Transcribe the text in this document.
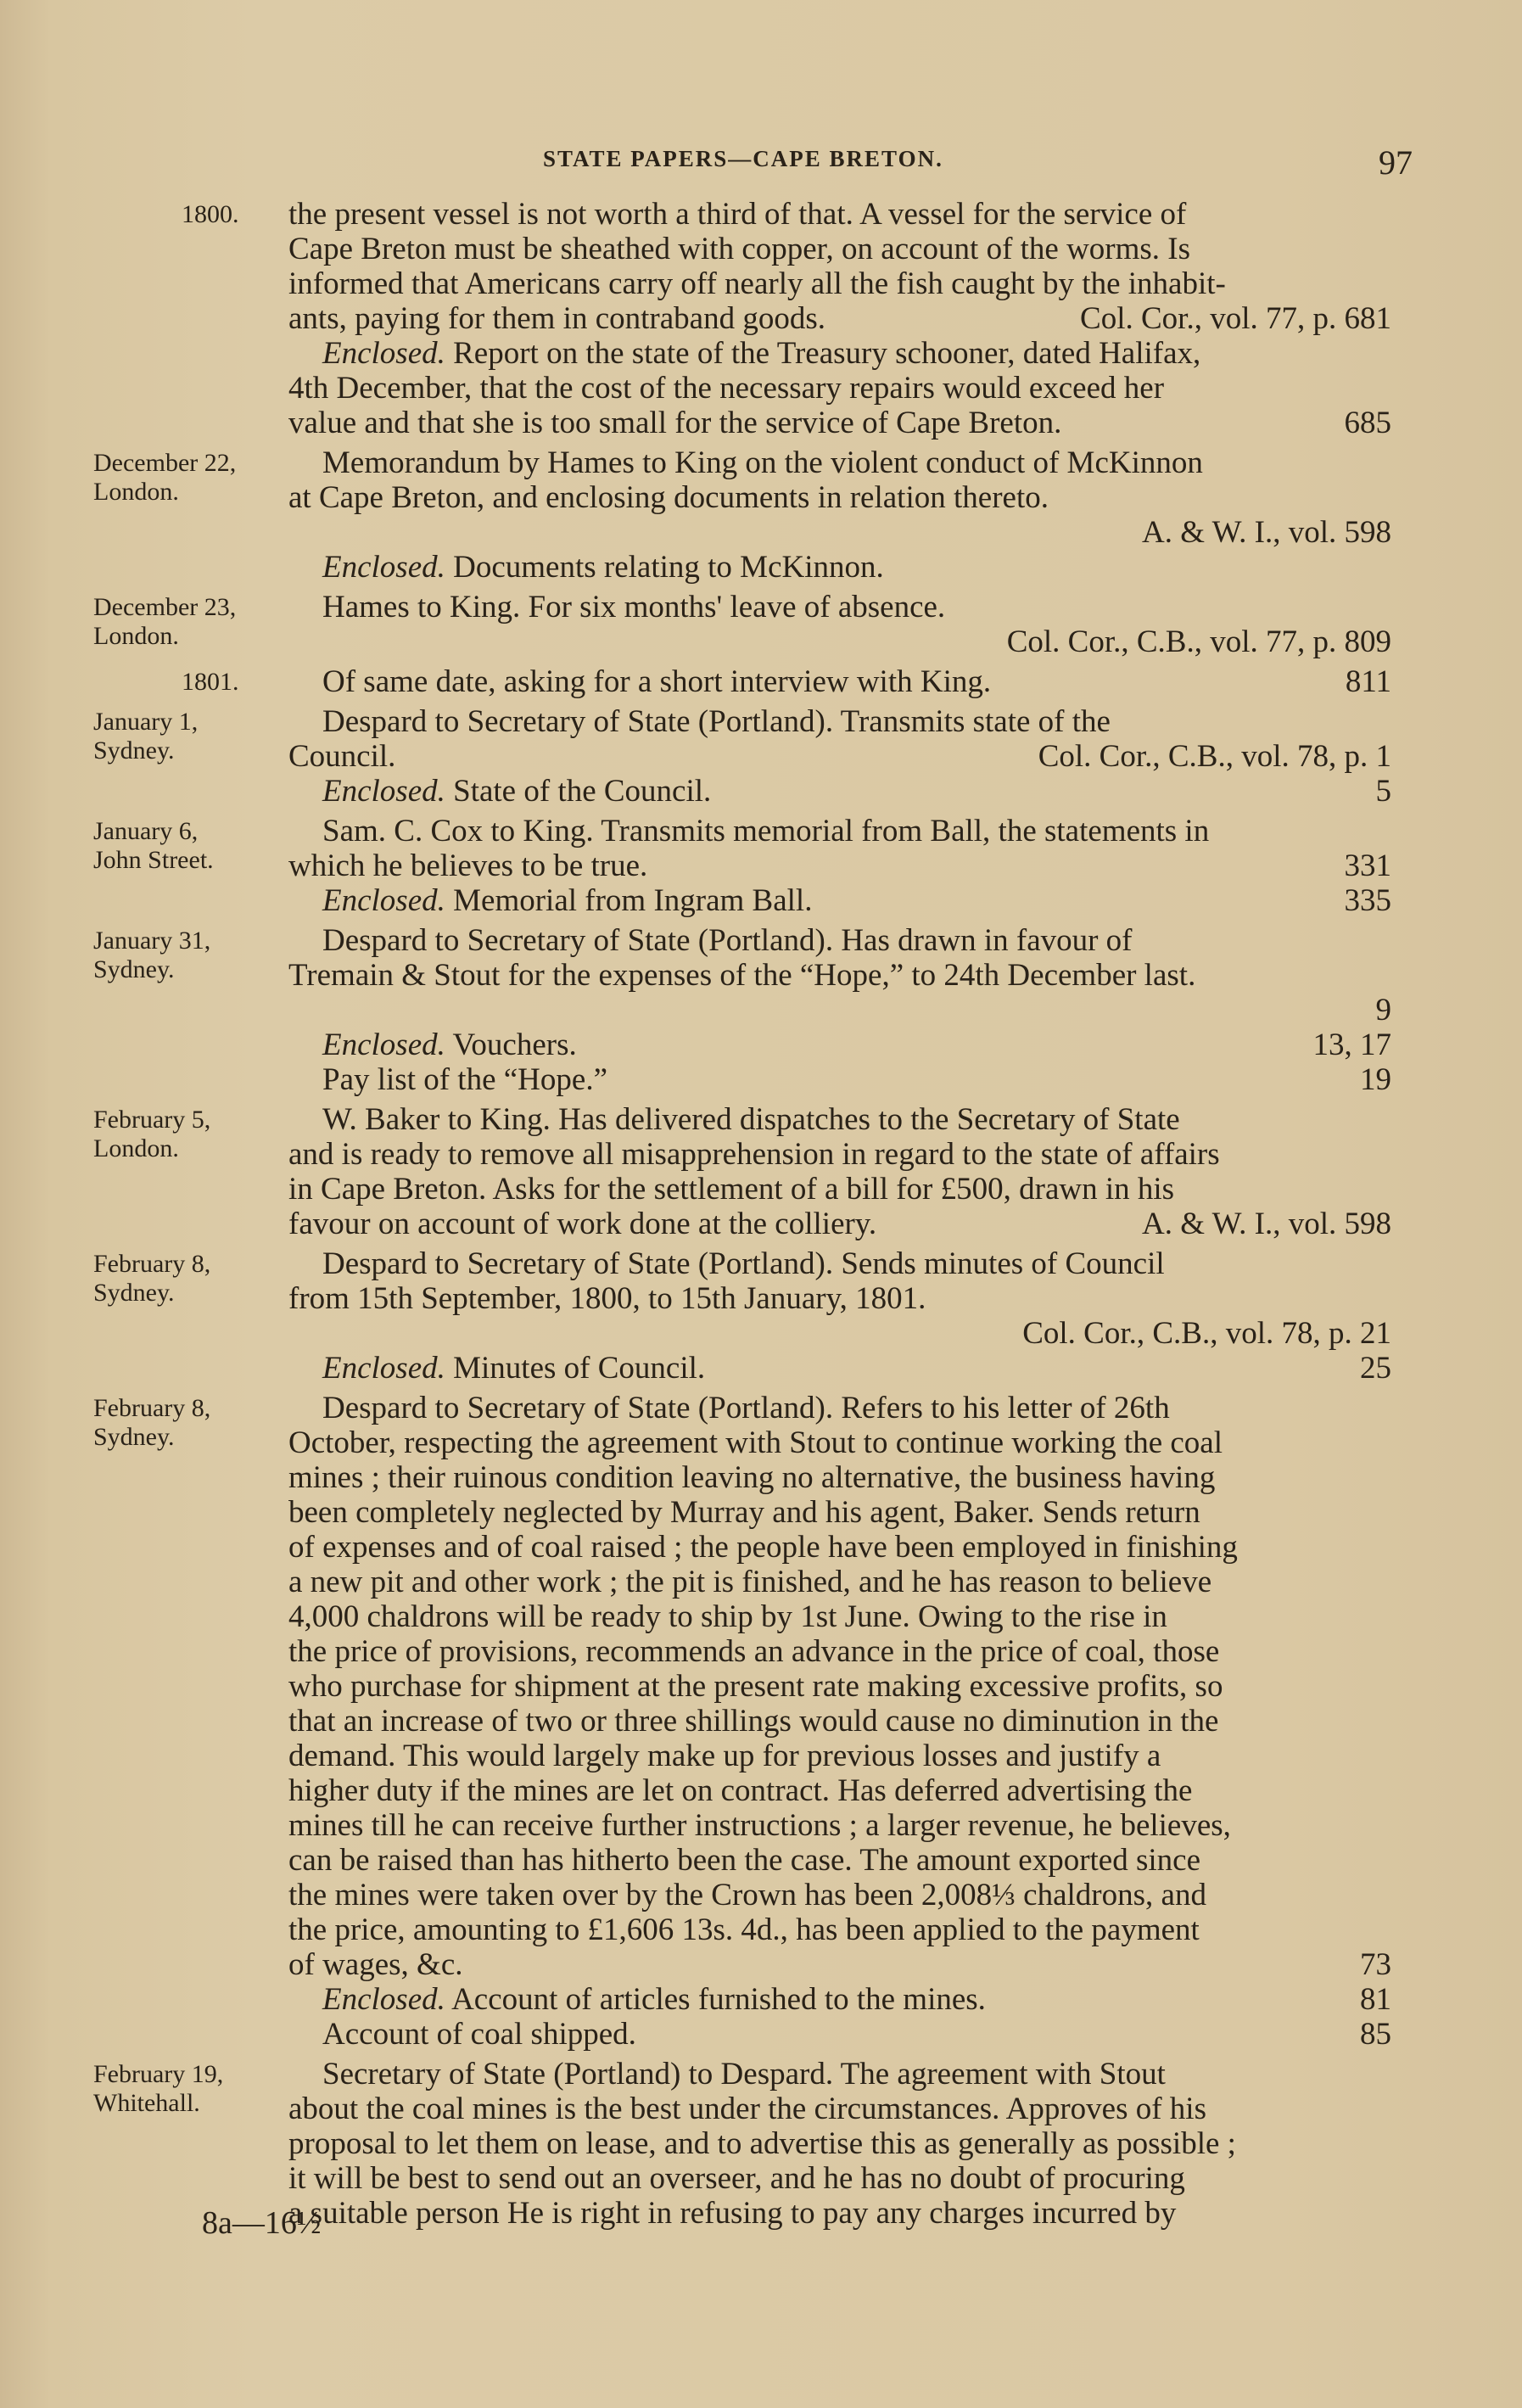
STATE PAPERS—CAPE BRETON.	97
1800.	the present vessel is not worth a third of that. A vessel for the service of
Cape Breton must be sheathed with copper, on account of the worms. Is
informed that Americans carry off nearly all the fish caught by the inhabit-
ants, paying for them in contraband goods.	Col. Cor., vol. 77, p. 681
Enclosed. Report on the state of the Treasury schooner, dated Halifax,
4th December, that the cost of the necessary repairs would exceed her
value and that she is too small for the service of Cape Breton.	685
December 22,
London.
Memorandum by Hames to King on the violent conduct of McKinnon
at Cape Breton, and enclosing documents in relation thereto.
A. & W. I., vol. 598
Enclosed. Documents relating to McKinnon.
December 23,
London.
Hames to King. For six months' leave of absence.
Col. Cor., C.B., vol. 77, p. 809
1801.	Of same date, asking for a short interview with King.	811
January 1,
Sydney.
Despard to Secretary of State (Portland). Transmits state of the
Council.	Col. Cor., C.B., vol. 78, p. 1
Enclosed. State of the Council.	5
January 6,
John Street.
Sam. C. Cox to King. Transmits memorial from Ball, the statements in
which he believes to be true.	331
Enclosed. Memorial from Ingram Ball.	335
January 31,
Sydney.
Despard to Secretary of State (Portland). Has drawn in favour of
Tremain & Stout for the expenses of the “Hope,” to 24th December last.
9
Enclosed. Vouchers.	13, 17
Pay list of the “Hope.”	19
February 5,
London.
W. Baker to King. Has delivered dispatches to the Secretary of State
and is ready to remove all misapprehension in regard to the state of affairs
in Cape Breton. Asks for the settlement of a bill for £500, drawn in his
favour on account of work done at the colliery.	A. & W. I., vol. 598
February 8,
Sydney.
Despard to Secretary of State (Portland). Sends minutes of Council
from 15th September, 1800, to 15th January, 1801.
Col. Cor., C.B., vol. 78, p. 21
Enclosed. Minutes of Council.	25
February 8,
Sydney.
Despard to Secretary of State (Portland). Refers to his letter of 26th
October, respecting the agreement with Stout to continue working the coal
mines ; their ruinous condition leaving no alternative, the business having
been completely neglected by Murray and his agent, Baker. Sends return
of expenses and of coal raised ; the people have been employed in finishing
a new pit and other work ; the pit is finished, and he has reason to believe
4,000 chaldrons will be ready to ship by 1st June. Owing to the rise in
the price of provisions, recommends an advance in the price of coal, those
who purchase for shipment at the present rate making excessive profits, so
that an increase of two or three shillings would cause no diminution in the
demand. This would largely make up for previous losses and justify a
higher duty if the mines are let on contract. Has deferred advertising the
mines till he can receive further instructions ; a larger revenue, he believes,
can be raised than has hitherto been the case. The amount exported since
the mines were taken over by the Crown has been 2,008⅓ chaldrons, and
the price, amounting to £1,606 13s. 4d., has been applied to the payment
of wages, &c.	73
Enclosed. Account of articles furnished to the mines.	81
Account of coal shipped.	85
February 19,
Whitehall.
Secretary of State (Portland) to Despard. The agreement with Stout
about the coal mines is the best under the circumstances. Approves of his
proposal to let them on lease, and to advertise this as generally as possible ;
it will be best to send out an overseer, and he has no doubt of procuring
a suitable person He is right in refusing to pay any charges incurred by
8a—16½
